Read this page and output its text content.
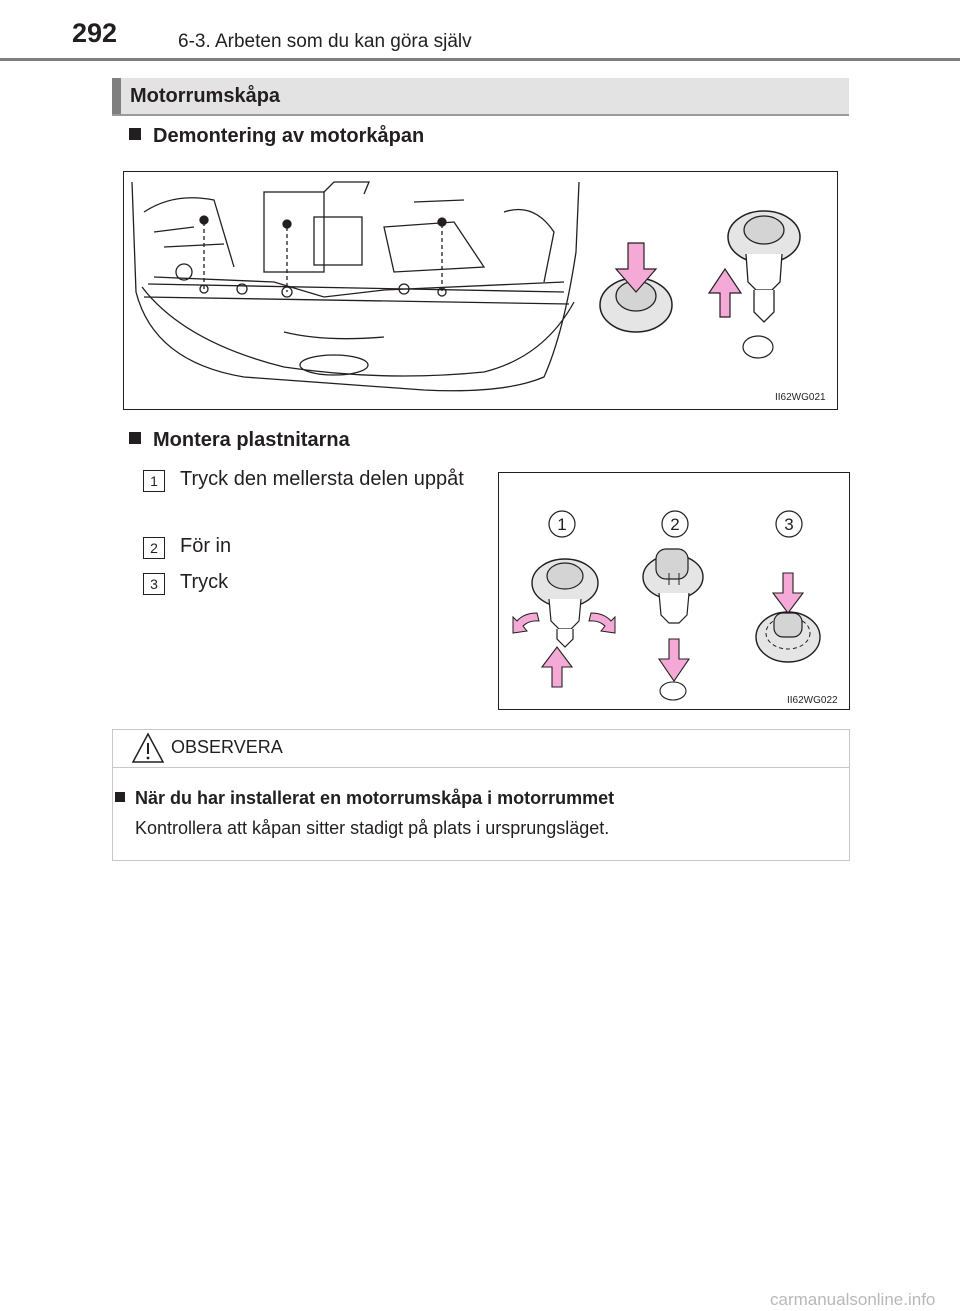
292	6-3. Arbeten som du kan göra själv
Motorrumskåpa
Demontering av motorkåpan
II62WG021
Montera plastnitarna
1	Tryck den mellersta delen uppåt
2	För in
3	Tryck
1	2	3
II62WG022
OBSERVERA
När du har installerat en motorrumskåpa i motorrummet
Kontrollera att kåpan sitter stadigt på plats i ursprungsläget.
carmanualsonline.info
